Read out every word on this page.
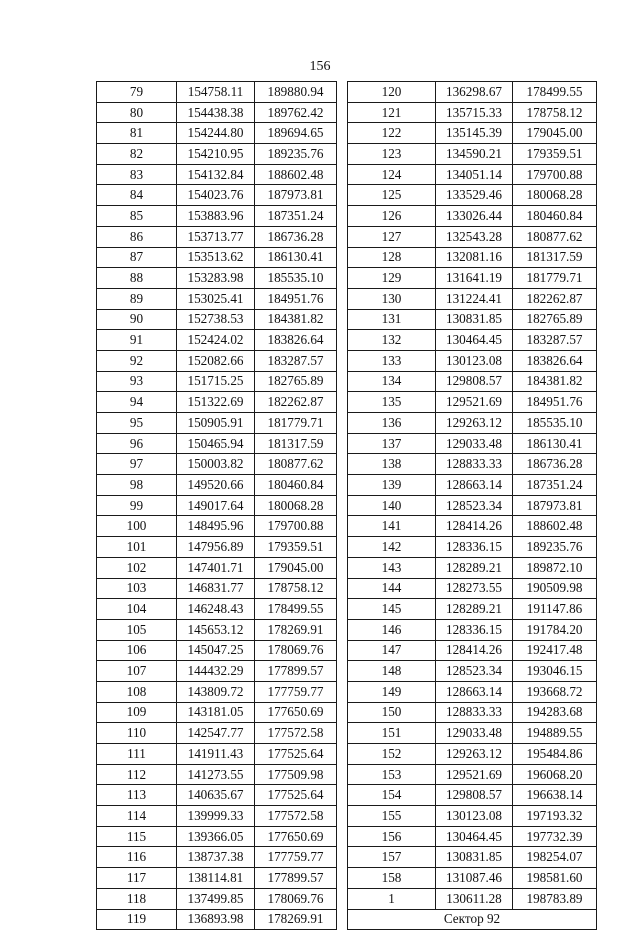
156
79	154758.11	189880.94
80	154438.38	189762.42
81	154244.80	189694.65
82	154210.95	189235.76
83	154132.84	188602.48
84	154023.76	187973.81
85	153883.96	187351.24
86	153713.77	186736.28
87	153513.62	186130.41
88	153283.98	185535.10
89	153025.41	184951.76
90	152738.53	184381.82
91	152424.02	183826.64
92	152082.66	183287.57
93	151715.25	182765.89
94	151322.69	182262.87
95	150905.91	181779.71
96	150465.94	181317.59
97	150003.82	180877.62
98	149520.66	180460.84
99	149017.64	180068.28
100	148495.96	179700.88
101	147956.89	179359.51
102	147401.71	179045.00
103	146831.77	178758.12
104	146248.43	178499.55
105	145653.12	178269.91
106	145047.25	178069.76
107	144432.29	177899.57
108	143809.72	177759.77
109	143181.05	177650.69
110	142547.77	177572.58
111	141911.43	177525.64
112	141273.55	177509.98
113	140635.67	177525.64
114	139999.33	177572.58
115	139366.05	177650.69
116	138737.38	177759.77
117	138114.81	177899.57
118	137499.85	178069.76
119	136893.98	178269.91
120	136298.67	178499.55
121	135715.33	178758.12
122	135145.39	179045.00
123	134590.21	179359.51
124	134051.14	179700.88
125	133529.46	180068.28
126	133026.44	180460.84
127	132543.28	180877.62
128	132081.16	181317.59
129	131641.19	181779.71
130	131224.41	182262.87
131	130831.85	182765.89
132	130464.45	183287.57
133	130123.08	183826.64
134	129808.57	184381.82
135	129521.69	184951.76
136	129263.12	185535.10
137	129033.48	186130.41
138	128833.33	186736.28
139	128663.14	187351.24
140	128523.34	187973.81
141	128414.26	188602.48
142	128336.15	189235.76
143	128289.21	189872.10
144	128273.55	190509.98
145	128289.21	191147.86
146	128336.15	191784.20
147	128414.26	192417.48
148	128523.34	193046.15
149	128663.14	193668.72
150	128833.33	194283.68
151	129033.48	194889.55
152	129263.12	195484.86
153	129521.69	196068.20
154	129808.57	196638.14
155	130123.08	197193.32
156	130464.45	197732.39
157	130831.85	198254.07
158	131087.46	198581.60
1	130611.28	198783.89
Сектор 92		
